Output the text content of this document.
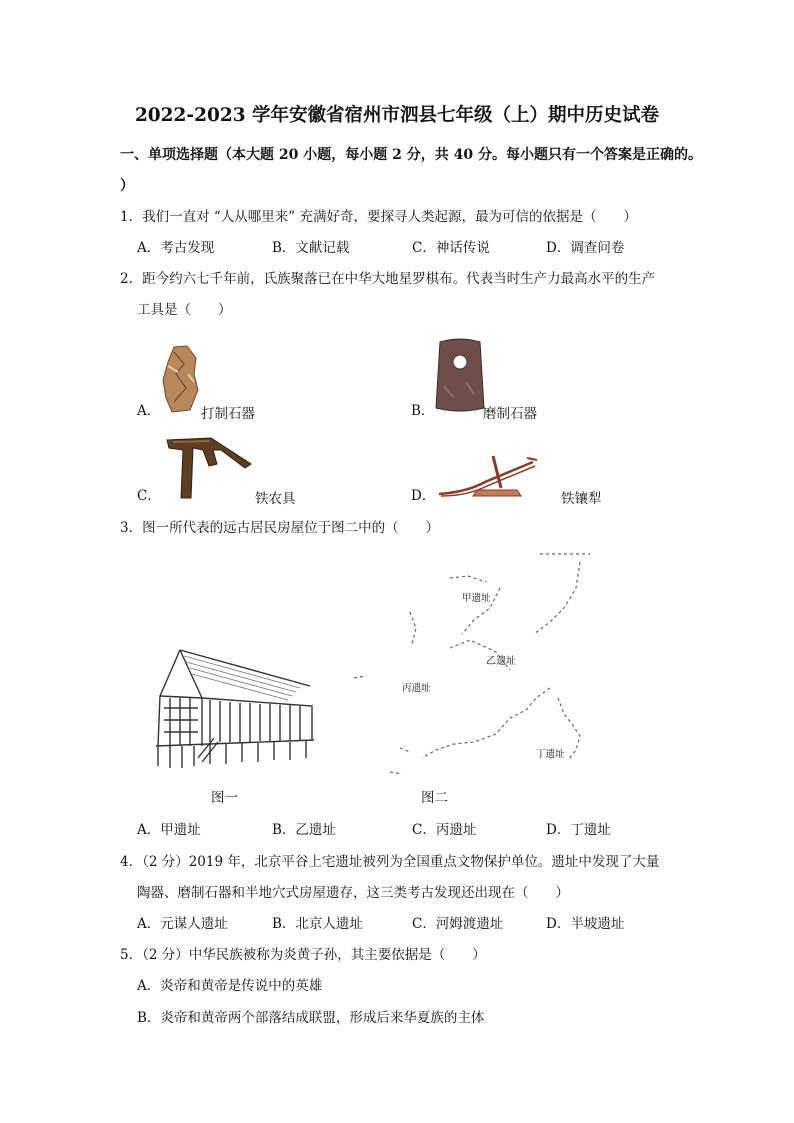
2022-2023 学年安徽省宿州市泗县七年级（上）期中历史试卷
一、单项选择题（本大题 20 小题，每小题 2 分，共 40 分。每小题只有一个答案是正确的。
）
1．我们一直对 “人从哪里来” 充满好奇，要探寻人类起源，最为可信的依据是（　　）
A．考古发现	B．文献记载	C．神话传说	D．调查问卷
2．距今约六七千年前，氏族聚落已在中华大地星罗棋布。代表当时生产力最高水平的生产
工具是（　　）
A．	打制石器	B．	磨制石器
C．	铁农具	D．	铁镶犁
3．图一所代表的远古居民房屋位于图二中的（　　）
图一
甲遗址
乙遗址
丙遗址
丁遗址
图二
A．甲遗址	B．乙遗址	C．丙遗址	D．丁遗址
4．（2 分）2019 年，北京平谷上宅遗址被列为全国重点文物保护单位。遗址中发现了大量
陶器、磨制石器和半地穴式房屋遗存，这三类考古发现还出现在（　　）
A．元谋人遗址	B．北京人遗址	C．河姆渡遗址	D．半坡遗址
5．（2 分）中华民族被称为炎黄子孙，其主要依据是（　　）
A．炎帝和黄帝是传说中的英雄
B．炎帝和黄帝两个部落结成联盟，形成后来华夏族的主体
